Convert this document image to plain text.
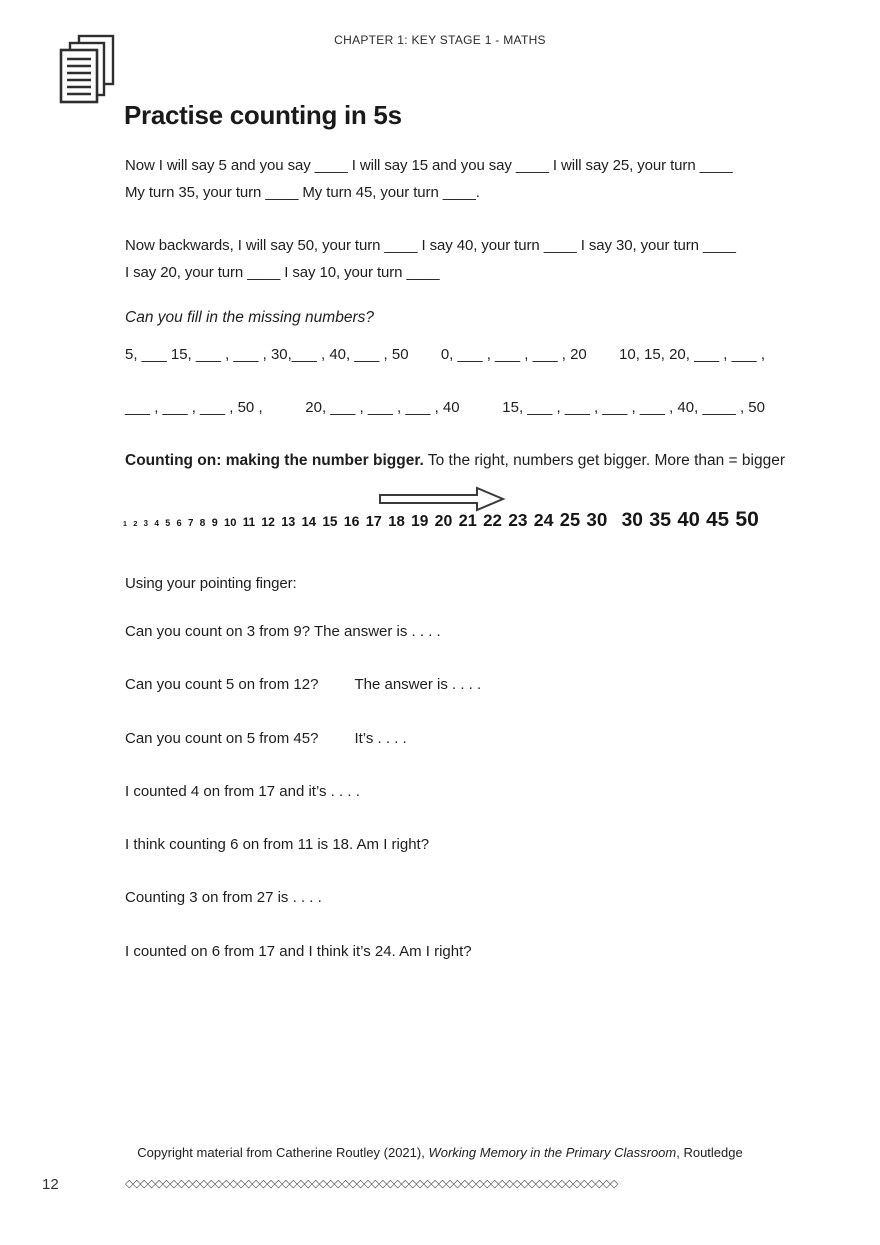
CHAPTER 1: KEY STAGE 1 - MATHS
Practise counting in 5s
Now I will say 5 and you say ____ I will say 15 and you say ____ I will say 25, your turn ____
My turn 35, your turn ____ My turn 45, your turn ____.
Now backwards, I will say 50, your turn ____ I say 40, your turn ____ I say 30, your turn ____
I say 20, your turn ____ I say 10, your turn ____
Can you fill in the missing numbers?
5, ___ 15, ___ , ___ , 30,___ , 40, ___ , 50 0, ___ , ___ , ___ , 20 10, 15, 20, ___ , ___ ,
___ , ___ , ___ , 50 ,	20, ___ , ___ , ___ , 40	15, ___ , ___ , ___ , ___ , 40, ____ , 50
Counting on: making the number bigger. To the right, numbers get bigger. More than = bigger
1 2 3 4 5 6 7 8 9 10 11 12 13 14 15 16 17 18 19 20 21 22 23 24 25 30 30 35 40 45 50
Using your pointing finger:
Can you count on 3 from 9? The answer is . . . .
Can you count 5 on from 12? The answer is . . . .
Can you count on 5 from 45? It’s . . . .
I counted 4 on from 17 and it’s . . . .
I think counting 6 on from 11 is 18. Am I right?
Counting 3 on from 27 is . . . .
I counted on 6 from 17 and I think it’s 24. Am I right?
Copyright material from Catherine Routley (2021), Working Memory in the Primary Classroom, Routledge
12	◇◇◇◇◇◇◇◇◇◇◇◇◇◇◇◇◇◇◇◇◇◇◇◇◇◇◇◇◇◇◇◇◇◇◇◇◇◇◇◇◇◇◇◇◇◇◇◇◇◇◇◇◇◇◇◇◇◇◇◇◇◇◇◇◇◇
